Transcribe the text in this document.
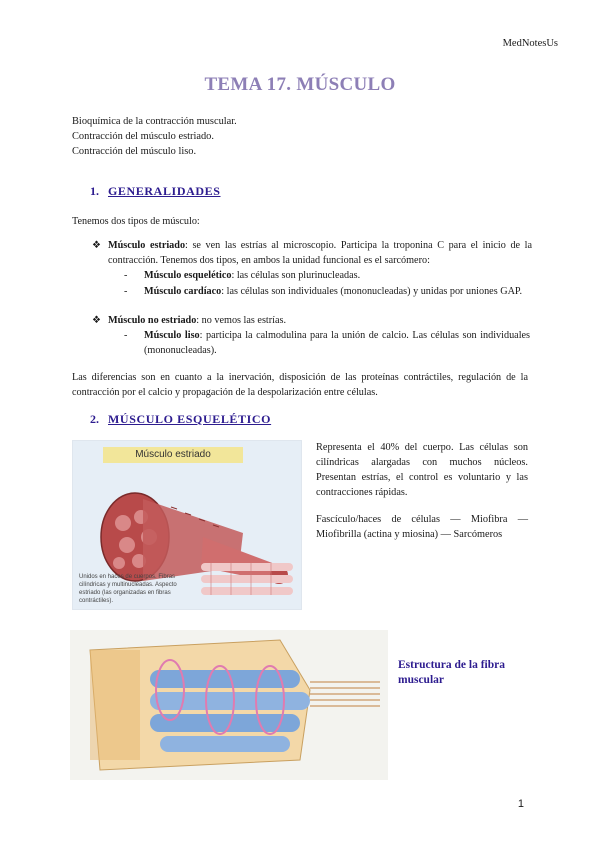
MedNotesUs
TEMA 17. MÚSCULO
Bioquímica de la contracción muscular.
Contracción del músculo estriado.
Contracción del músculo liso.
1. GENERALIDADES
Tenemos dos tipos de músculo:
❖ Músculo estriado: se ven las estrías al microscopio. Participa la troponina C para el inicio de la contracción. Tenemos dos tipos, en ambos la unidad funcional es el sarcómero:
- Músculo esquelético: las células son plurinucleadas.
- Músculo cardíaco: las células son individuales (mononucleadas) y unidas por uniones GAP.
❖ Músculo no estriado: no vemos las estrías.
- Músculo liso: participa la calmodulina para la unión de calcio. Las células son individuales (mononucleadas).
Las diferencias son en cuanto a la inervación, disposición de las proteínas contráctiles, regulación de la contracción por el calcio y propagación de la despolarización entre células.
2. MÚSCULO ESQUELÉTICO
Músculo estriado
Unidos en haces de cuerpos. Fibras cilíndricas y multinucleadas. Aspecto estriado (las organizadas en fibras contráctiles).
Representa el 40% del cuerpo. Las células son cilíndricas alargadas con muchos núcleos. Presentan estrías, el control es voluntario y las contracciones rápidas.
Fascículo/haces de células — Miofibra — Miofibrilla (actina y miosina) — Sarcómeros
Estructura de la fibra muscular
1
